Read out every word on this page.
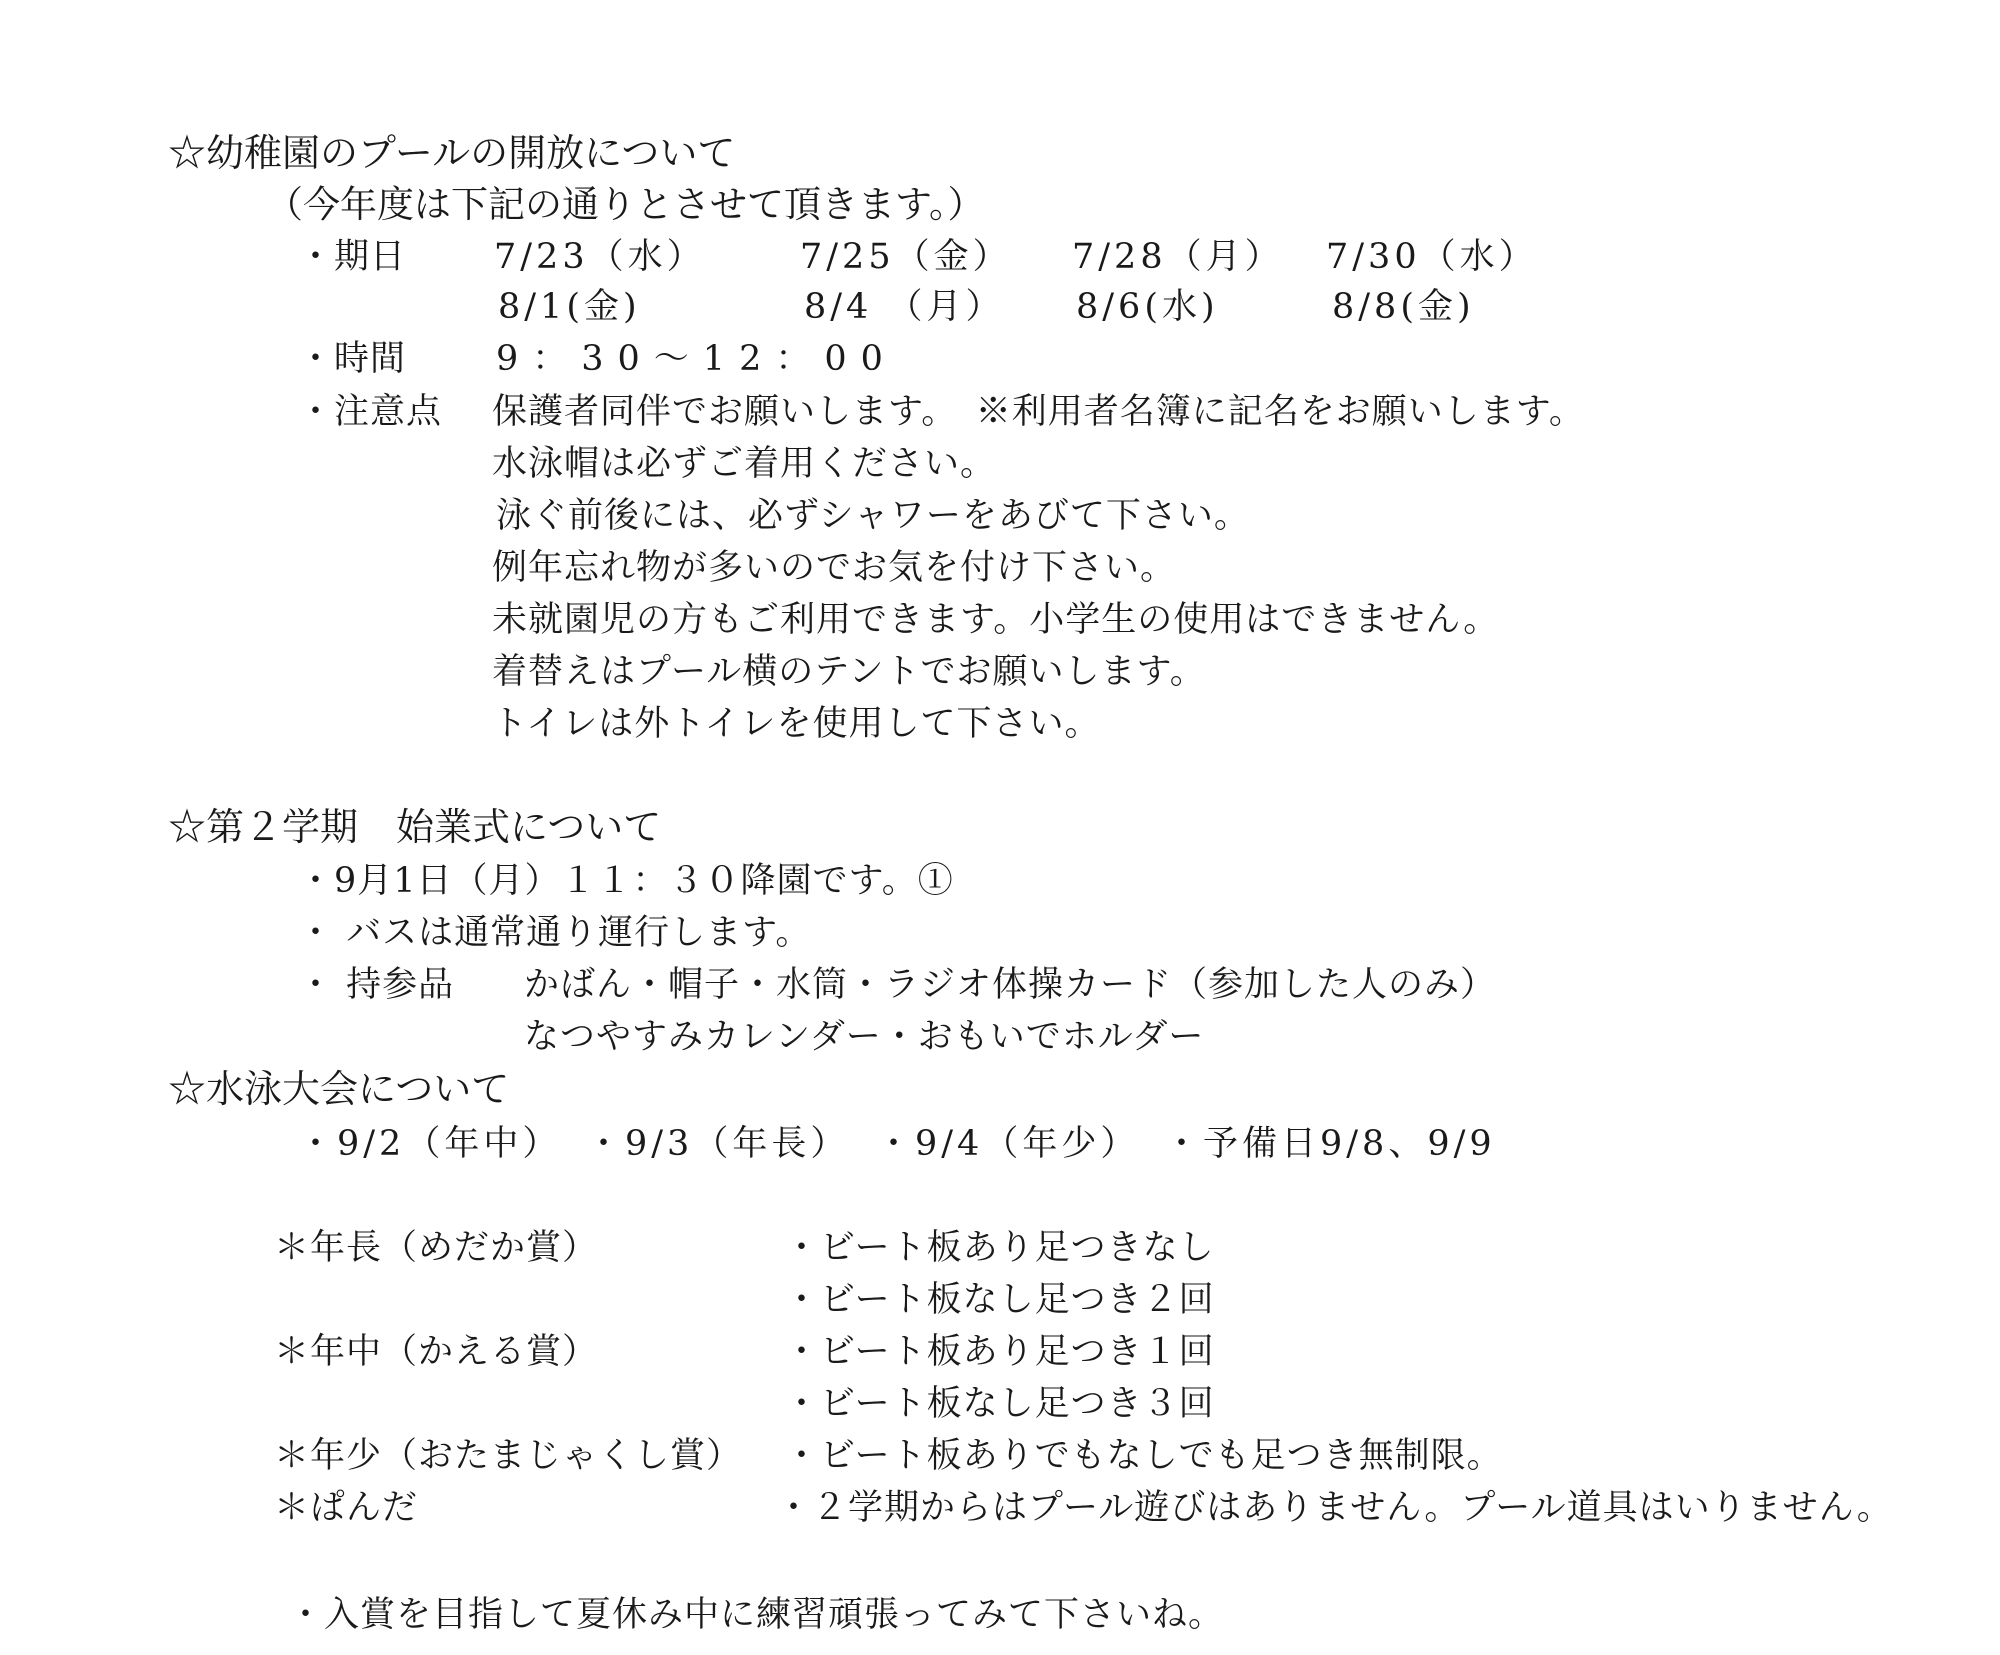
☆幼稚園のプールの開放について
（今年度は下記の通りとさせて頂きます。）
・期日	7/23（水）	7/25（金） 7/28（月） 7/30（水）
8/1(金)	8/4 （月） 8/6(水)	8/8(金)
・時間	9：30～12：00
・注意点 保護者同伴でお願いします。　※利用者名簿に記名をお願いします。
水泳帽は必ずご着用ください。
泳ぐ前後には、必ずシャワーをあびて下さい。
例年忘れ物が多いのでお気を付け下さい。
未就園児の方もご利用できます。小学生の使用はできません。
着替えはプール横のテントでお願いします。
トイレは外トイレを使用して下さい。
☆第２学期　始業式について
・9月1日（月）１１：３０降園です。①
・ バスは通常通り運行します。
・ 持参品 かばん・帽子・水筒・ラジオ体操カード（参加した人のみ）
なつやすみカレンダー・おもいでホルダー
☆水泳大会について
・9/2（年中） ・9/3（年長） ・9/4（年少） ・予備日9/8、9/9
＊年長（めだか賞）	・ビート板あり足つきなし
・ビート板なし足つき２回
＊年中（かえる賞）	・ビート板あり足つき１回
・ビート板なし足つき３回
＊年少（おたまじゃくし賞） ・ビート板ありでもなしでも足つき無制限。
＊ぱんだ	・２学期からはプール遊びはありません。プール道具はいりません。
・入賞を目指して夏休み中に練習頑張ってみて下さいね。
